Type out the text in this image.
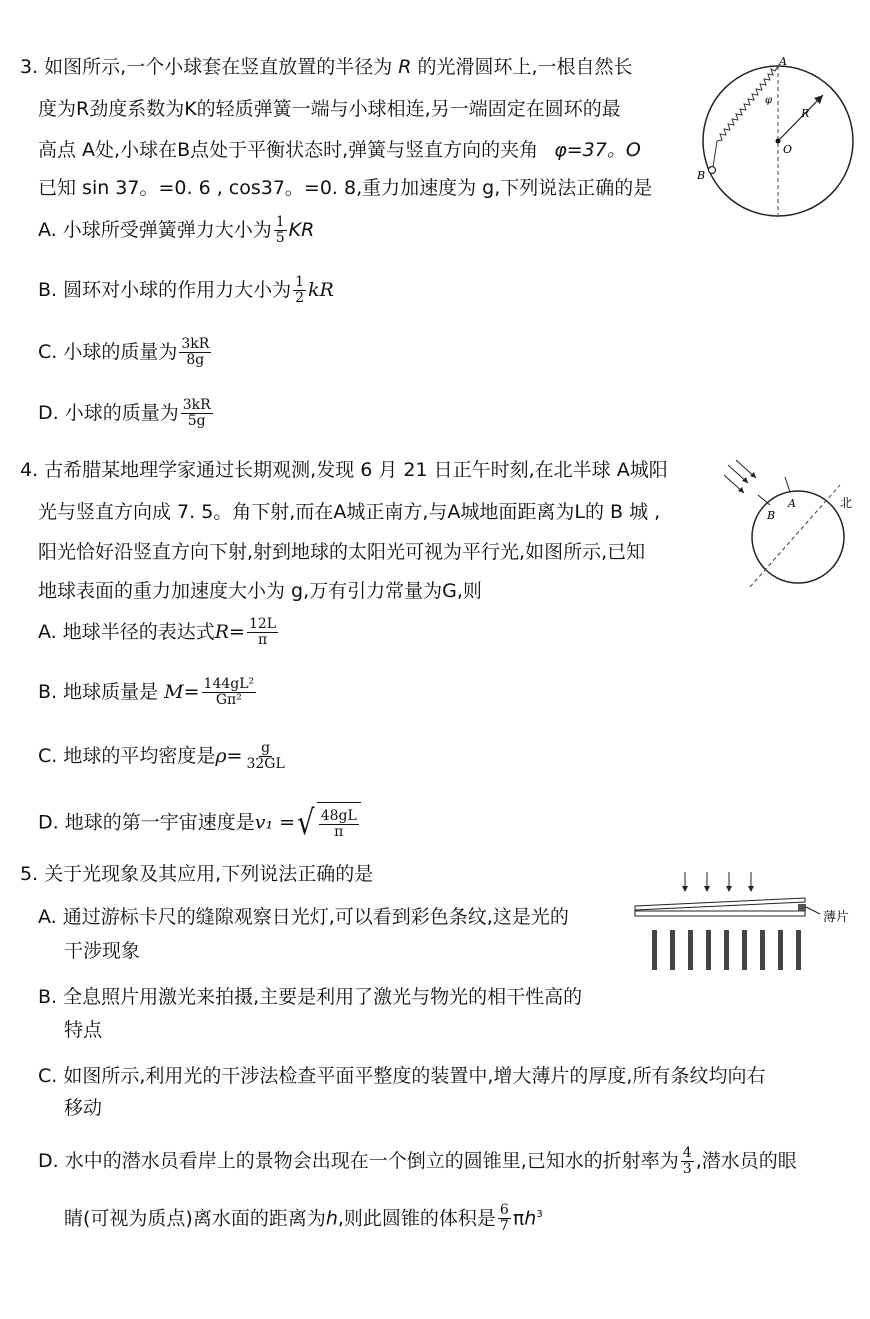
3. 如图所示,一个小球套在竖直放置的半径为 R 的光滑圆环上,一根自然长
度为R劲度系数为K的轻质弹簧一端与小球相连,另一端固定在圆环的最
高点 A处,小球在B点处于平衡状态时,弹簧与竖直方向的夹角 φ=37。O
已知 sin 37。=0. 6 , cos37。=0. 8,重力加速度为 g,下列说法正确的是
A. 小球所受弹簧弹力大小为 $\frac{1}{5}$ KR
B. 圆环对小球的作用力大小为 $\frac{1}{2}$ kR
C. 小球的质量为 $\frac{3kR}{8g}$
D. 小球的质量为 $\frac{3kR}{5g}$
A
B
O
R
φ
4. 古希腊某地理学家通过长期观测,发现 6 月 21 日正午时刻,在北半球 A城阳
光与竖直方向成 7. 5。角下射,而在A城正南方,与A城地面距离为L的 B 城 ,
阳光恰好沿竖直方向下射,射到地球的太阳光可视为平行光,如图所示,已知
地球表面的重力加速度大小为 g,万有引力常量为G,则
A. 地球半径的表达式$R= \frac{12L}{\pi}$
B. 地球质量是 $M= \frac{\text{144gL²}}{\text{Gπ²}}$
C. 地球的平均密度是$\rho= \frac{g}{32GL}$
D. 地球的第一宇宙速度是v₁ = √ $\frac{48gL}{\pi}$
B
A	北
5. 关于光现象及其应用,下列说法正确的是
A. 通过游标卡尺的缝隙观察日光灯,可以看到彩色条纹,这是光的
干涉现象
B. 全息照片用激光来拍摄,主要是利用了激光与物光的相干性高的
特点
C. 如图所示,利用光的干涉法检查平面平整度的装置中,增大薄片的厚度,所有条纹均向右
移动
D. 水中的潜水员看岸上的景物会出现在一个倒立的圆锥里,已知水的折射率为 $\frac{4}{3}$ ,潜水员的眼
睛(可视为质点)离水面的距离为h,则此圆锥的体积是 $\frac{6}{7} \pi h^3$
薄片
